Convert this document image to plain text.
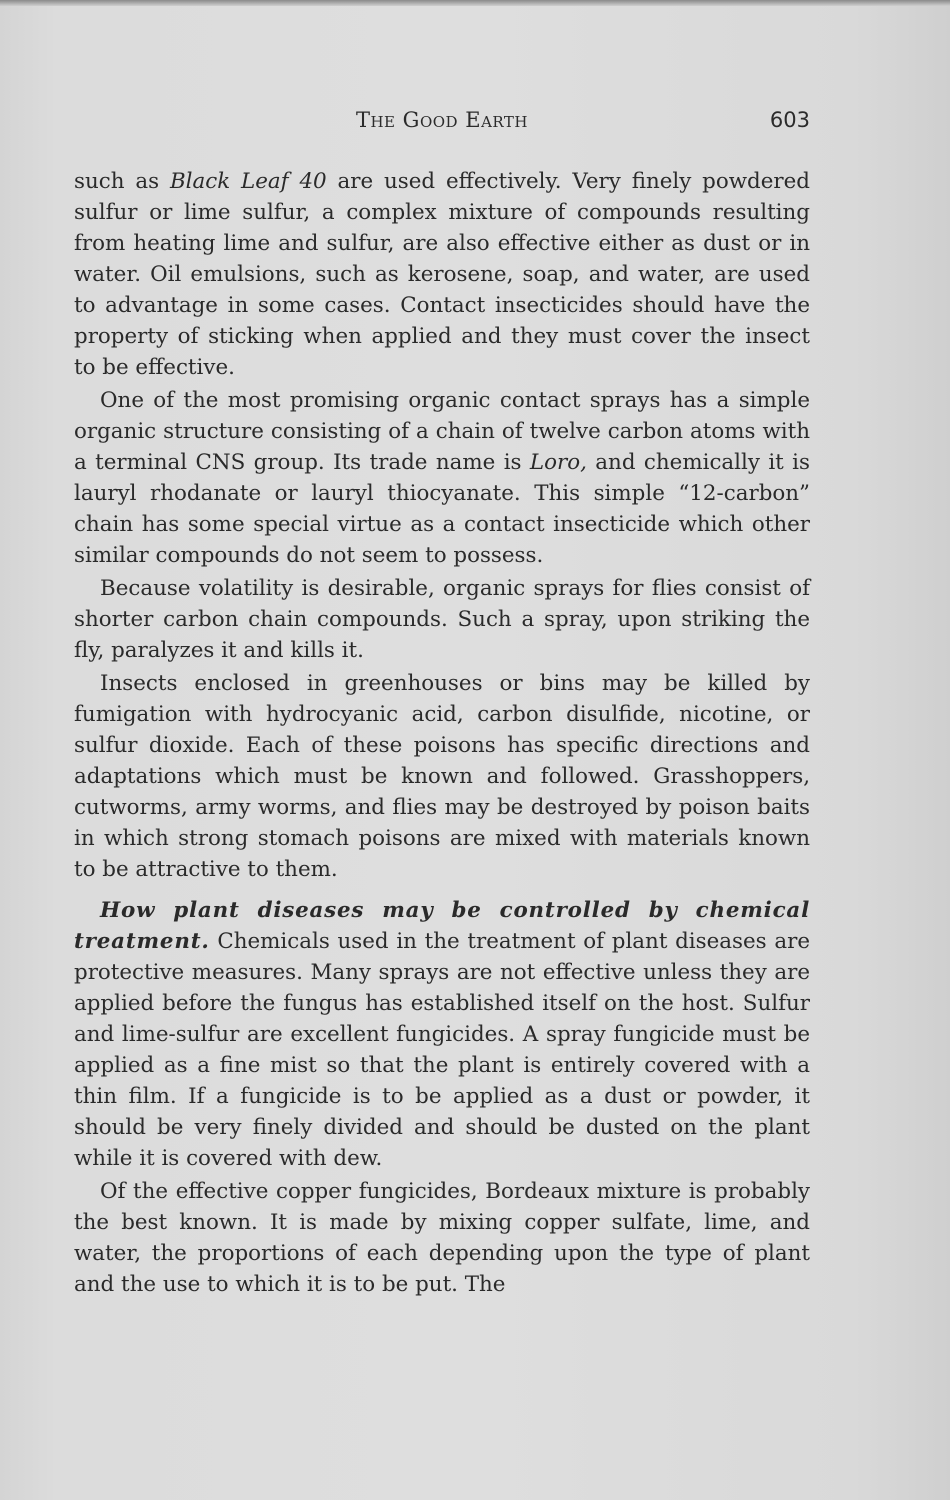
The Good Earth	603

such as Black Leaf 40 are used effectively. Very finely powdered sulfur or lime sulfur, a complex mixture of compounds resulting from heating lime and sulfur, are also effective either as dust or in water. Oil emulsions, such as kerosene, soap, and water, are used to advantage in some cases. Contact insecticides should have the property of sticking when applied and they must cover the insect to be effective.

One of the most promising organic contact sprays has a simple organic structure consisting of a chain of twelve carbon atoms with a terminal CNS group. Its trade name is Loro, and chemically it is lauryl rhodanate or lauryl thiocyanate. This simple “12-carbon” chain has some special virtue as a contact insecticide which other similar compounds do not seem to possess.

Because volatility is desirable, organic sprays for flies consist of shorter carbon chain compounds. Such a spray, upon striking the fly, paralyzes it and kills it.

Insects enclosed in greenhouses or bins may be killed by fumigation with hydrocyanic acid, carbon disulfide, nicotine, or sulfur dioxide. Each of these poisons has specific directions and adaptations which must be known and followed. Grasshoppers, cutworms, army worms, and flies may be destroyed by poison baits in which strong stomach poisons are mixed with materials known to be attractive to them.

How plant diseases may be controlled by chemical treatment. Chemicals used in the treatment of plant diseases are protective measures. Many sprays are not effective unless they are applied before the fungus has established itself on the host. Sulfur and lime-sulfur are excellent fungicides. A spray fungicide must be applied as a fine mist so that the plant is entirely covered with a thin film. If a fungicide is to be applied as a dust or powder, it should be very finely divided and should be dusted on the plant while it is covered with dew.

Of the effective copper fungicides, Bordeaux mixture is probably the best known. It is made by mixing copper sulfate, lime, and water, the proportions of each depending upon the type of plant and the use to which it is to be put. The
